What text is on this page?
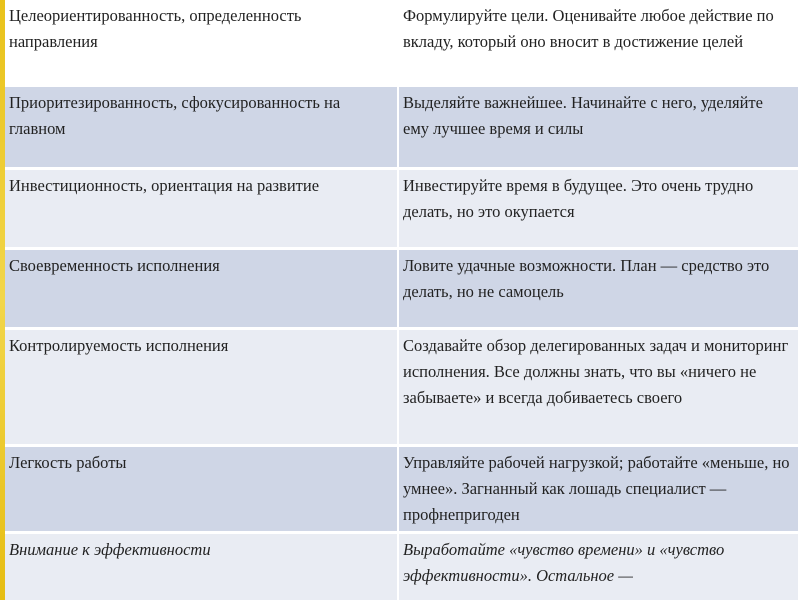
Целеориентированность, определенность направления	Формулируйте цели. Оценивайте любое действие по вкладу, который оно вносит в достижение целей
Приоритезированность, сфокусированность на главном	Выделяйте важнейшее. Начинайте с него, уделяйте ему лучшее время и силы
Инвестиционность, ориентация на развитие	Инвестируйте время в будущее. Это очень трудно делать, но это окупается
Своевременность исполнения	Ловите удачные возможности. План — средство это делать, но не самоцель
Контролируемость исполнения	Создавайте обзор делегированных задач и мониторинг исполнения. Все должны знать, что вы «ничего не забываете» и всегда добиваетесь своего
Легкость работы	Управляйте рабочей нагрузкой; работайте «меньше, но умнее». Загнанный как лошадь специалист — профнепригоден
Внимание к эффективности	Выработайте «чувство времени» и «чувство эффективности». Остальное —
